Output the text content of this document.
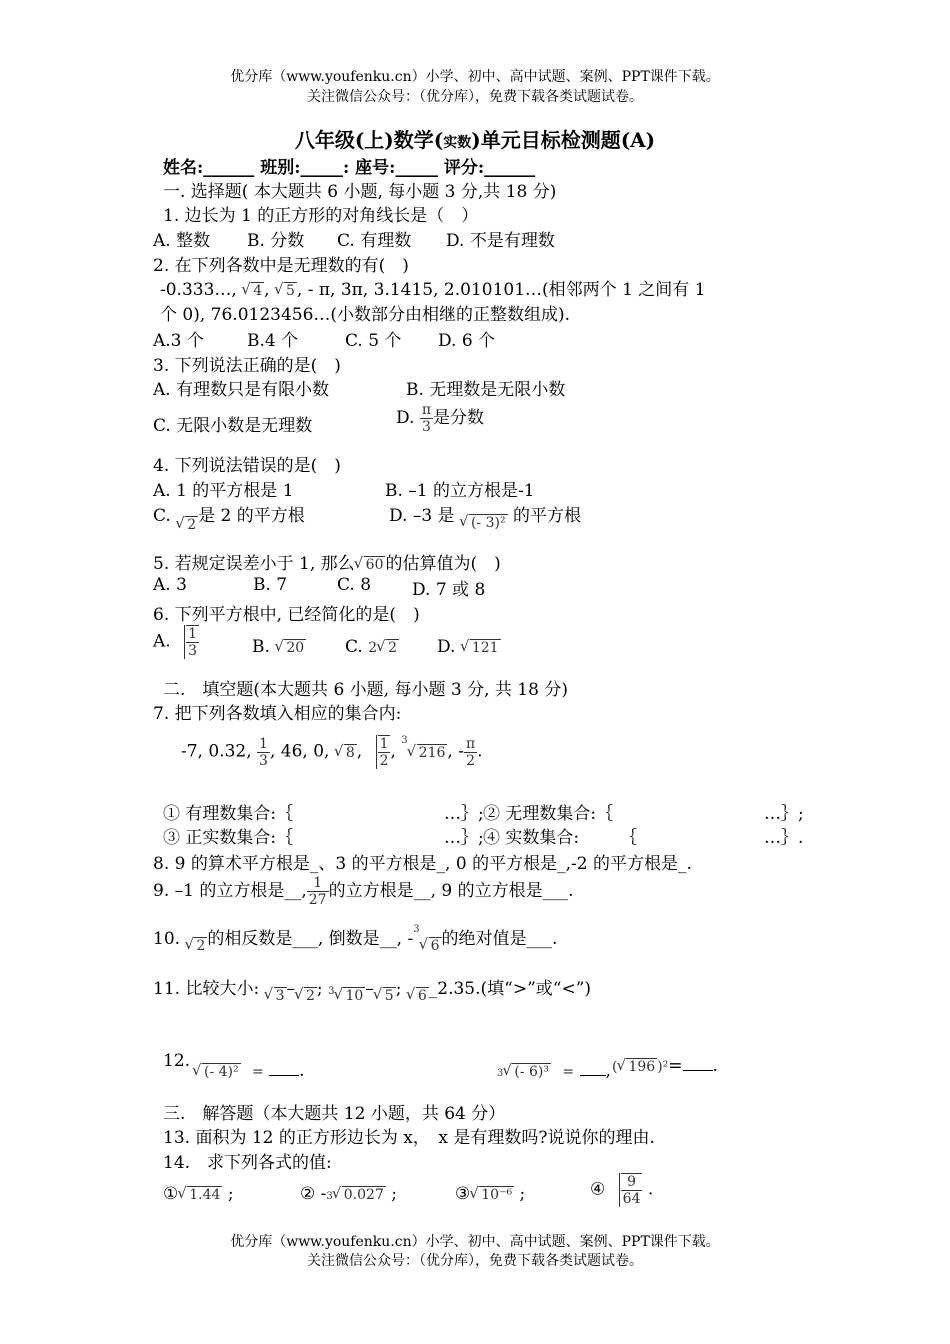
优分库（www.youfenku.cn）小学、初中、高中试题、案例、PPT课件下载。
关注微信公众号：（优分库），免费下载各类试题试卷。
八年级(上)数学(实数)单元目标检测题(A)
姓名:______ 班别:_____: 座号:_____ 评分:______
一. 选择题( 本大题共 6 小题, 每小题 3 分,共 18 分)
1. 边长为 1 的正方形的对角线长是（　）
A. 整数 B. 分数 C. 有理数 D. 不是有理数
2. 在下列各数中是无理数的有(　)
-0.333…, √ 4 , √ 5 , - π, 3π, 3.1415, 2.010101…(相邻两个 1 之间有 1
个 0), 76.0123456…(小数部分由相继的正整数组成).
A.3 个	B.4 个	C. 5 个 D. 6 个
3. 下列说法正确的是(　)
A. 有理数只是有限小数	B. 无理数是无限小数
C. 无限小数是无理数	D. $\frac{\pi}{3}$ 是分数
4. 下列说法错误的是(　)
A. 1 的平方根是 1	B. –1 的立方根是-1
C. √ 2 是 2 的平方根	D. –3 是 √ (- 3)² 的平方根
5. 若规定误差小于 1, 那么 √ 60 的估算值为(　)
A. 3	B. 7	C. 8 D. 7 或 8
6. 下列平方根中, 已经简化的是(　)
A. $\frac{1}{3}$	B. √ 20 C. 2 √ 2 D. √ 121
二.　填空题(本大题共 6 小题, 每小题 3 分, 共 18 分)
7. 把下列各数填入相应的集合内:
-7, 0.32, $\frac{1}{3}$ , 46, 0, √ 8 , $\frac{1}{2}$ , $^3$√ 216 , - $\frac{\pi}{2}$ .
① 有理数集合:｛	…｝; ② 无理数集合:｛	…｝;
③ 正实数集合:｛	…｝; ④ 实数集合: ｛	…｝.
8. 9 的算术平方根是_、3 的平方根是_, 0 的平方根是_,-2 的平方根是_.
9. –1 的立方根是__, $\frac{1}{27}$ 的立方根是__, 9 的立方根是___.
10. √ 2 的相反数是___, 倒数是__, -$^3$√ 6 的绝对值是___.
11. 比较大小: √ 3 – √ 2 ; 3 √ 10 – √ 5 ; √ 6 _2.35.(填“>”或“<”)
12.
√ (- 4)² = .	3 √ (- 6)³ = , ( √ 196 )²= .
三.　解答题（本大题共 12 小题，共 64 分）
13. 面积为 12 的正方形边长为 x，　x 是有理数吗?说说你的理由.
14.　求下列各式的值:
① √ 1.44 ;	② -3 √ 0.027 ;	③ √ 10⁻⁶ ;	④ $\frac{9}{64}$ .
优分库（www.youfenku.cn）小学、初中、高中试题、案例、PPT课件下载。
关注微信公众号：（优分库），免费下载各类试题试卷。
